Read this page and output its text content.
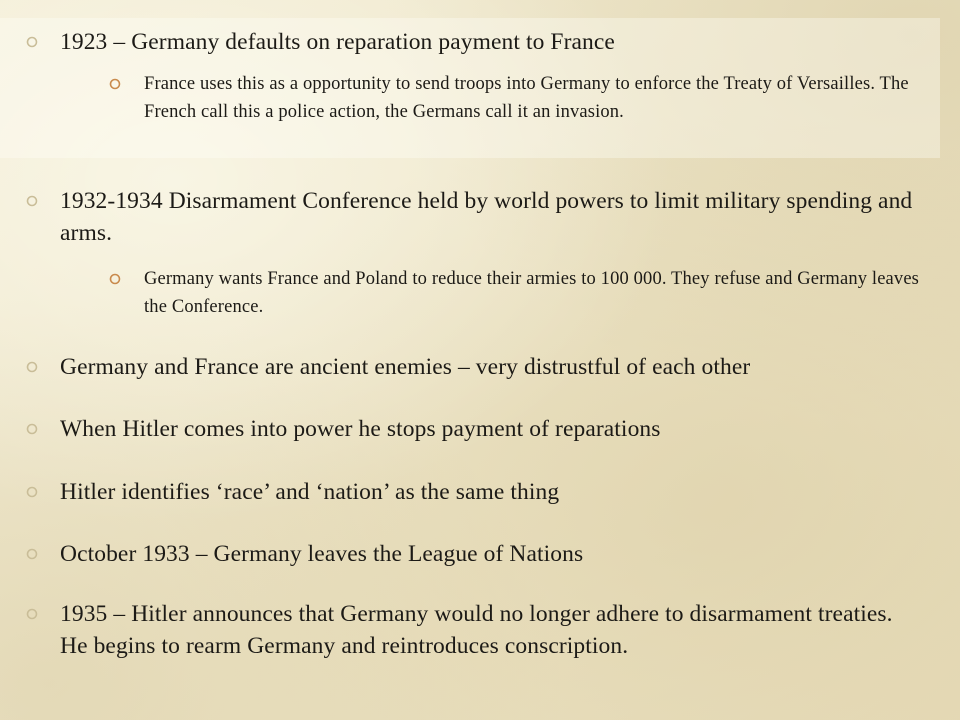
1923 – Germany defaults on reparation payment to France
France uses this as a opportunity to send troops into Germany to enforce the Treaty of Versailles. The French call this a police action, the Germans call it an invasion.
1932-1934 Disarmament Conference held by world powers to limit military spending and arms.
Germany wants France and Poland to reduce their armies to 100 000. They refuse and Germany leaves the Conference.
Germany and France are ancient enemies – very distrustful of each other
When Hitler comes into power he stops payment of reparations
Hitler identifies ‘race’ and ‘nation’ as the same thing
October 1933 – Germany leaves the League of Nations
1935 – Hitler announces that Germany would no longer adhere to disarmament treaties. He begins to rearm Germany and reintroduces conscription.
